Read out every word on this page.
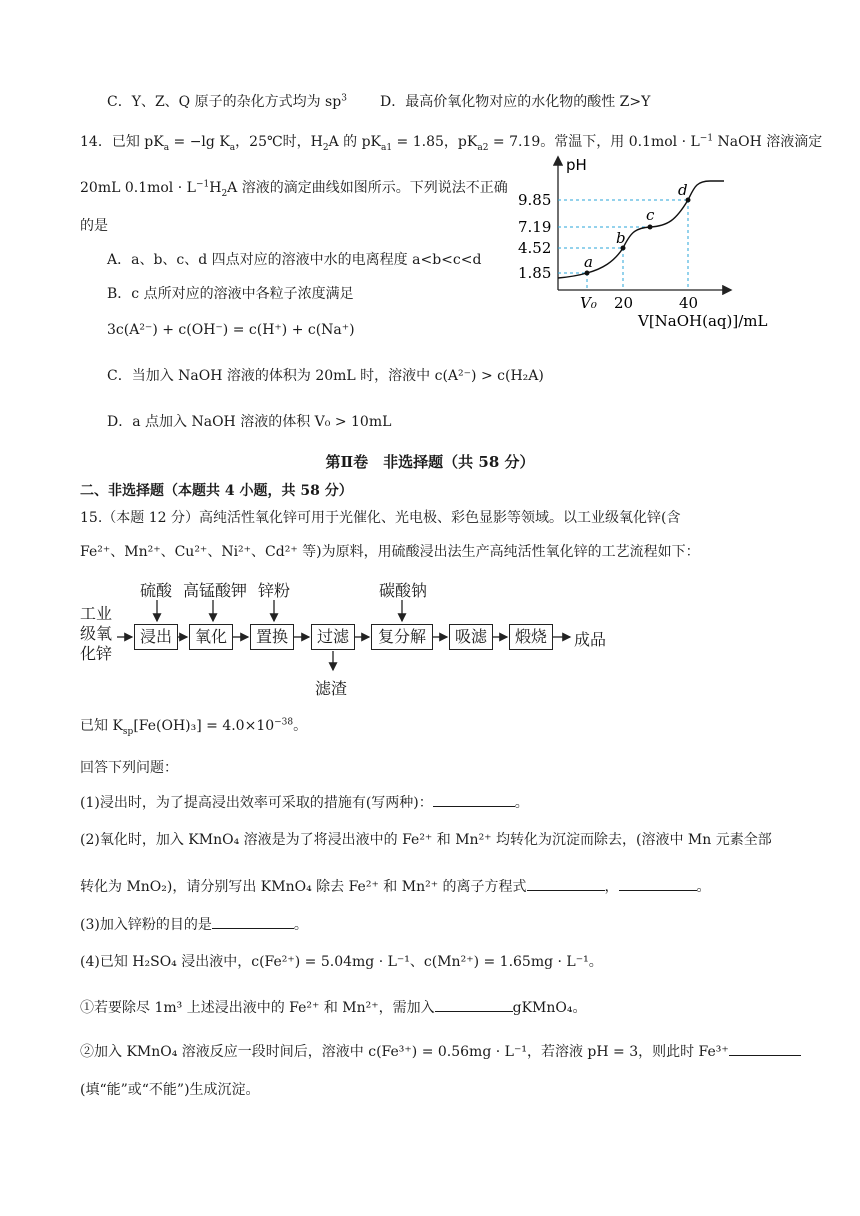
C．Y、Z、Q 原子的杂化方式均为 $sp^3$ D．最高价氧化物对应的水化物的酸性 Z>Y
14．已知 $pK_a = -\lg$ $K_a$，25℃时，$H_2A$ 的 $pK_{a1} = 1.85$，$pK_{a2} = 7.19$。常温下，用 $0.1mol \cdot L^{-1}$ NaOH 溶液滴定
20mL $0.1mol \cdot L^{-1}H_2A$ 溶液的滴定曲线如图所示。下列说法不正确
的是
A．a、b、c、d 四点对应的溶液中水的电离程度 a<b<c<d
B．c 点所对应的溶液中各粒子浓度满足
3c(A²⁻) + c(OH⁻) = c(H⁺) + c(Na⁺)
C．当加入 NaOH 溶液的体积为 20mL 时，溶液中 c(A²⁻) > c(H₂A)
D．a 点加入 NaOH 溶液的体积 V₀ > 10mL
pH
V[NaOH(aq)]/mL
9.85
7.19
4.52
1.85
V₀ 20	40
a
b
c
d
第Ⅱ卷　非选择题（共 58 分）
二、非选择题（本题共 4 小题，共 58 分）
15.（本题 12 分）高纯活性氧化锌可用于光催化、光电极、彩色显影等领域。以工业级氧化锌(含
Fe²⁺、Mn²⁺、Cu²⁺、Ni²⁺、Cd²⁺ 等)为原料，用硫酸浸出法生产高纯活性氧化锌的工艺流程如下：
工业
级氧
化锌
硫酸 高锰酸钾 锌粉	碳酸钠
浸出	氧化	置换	过滤	复分解	吸滤	煅烧	成品
滤渣
已知 $K_{sp}[Fe(OH)_3] = 4.0\times 10^{-38}$。
回答下列问题：
(1)浸出时，为了提高浸出效率可采取的措施有(写两种)：	。
(2)氧化时，加入 KMnO₄ 溶液是为了将浸出液中的 Fe²⁺ 和 Mn²⁺ 均转化为沉淀而除去，(溶液中 Mn 元素全部
转化为 MnO₂)，请分别写出 KMnO₄ 除去 Fe²⁺ 和 Mn²⁺ 的离子方程式	，	。
(3)加入锌粉的目的是	。
(4)已知 H₂SO₄ 浸出液中，c(Fe²⁺) = 5.04mg · L⁻¹、c(Mn²⁺) = 1.65mg · L⁻¹。
①若要除尽 1m³ 上述浸出液中的 Fe²⁺ 和 Mn²⁺，需加入	gKMnO₄。
②加入 KMnO₄ 溶液反应一段时间后，溶液中 c(Fe³⁺) = 0.56mg · L⁻¹，若溶液 pH = 3，则此时 Fe³⁺
(填“能”或“不能”)生成沉淀。
